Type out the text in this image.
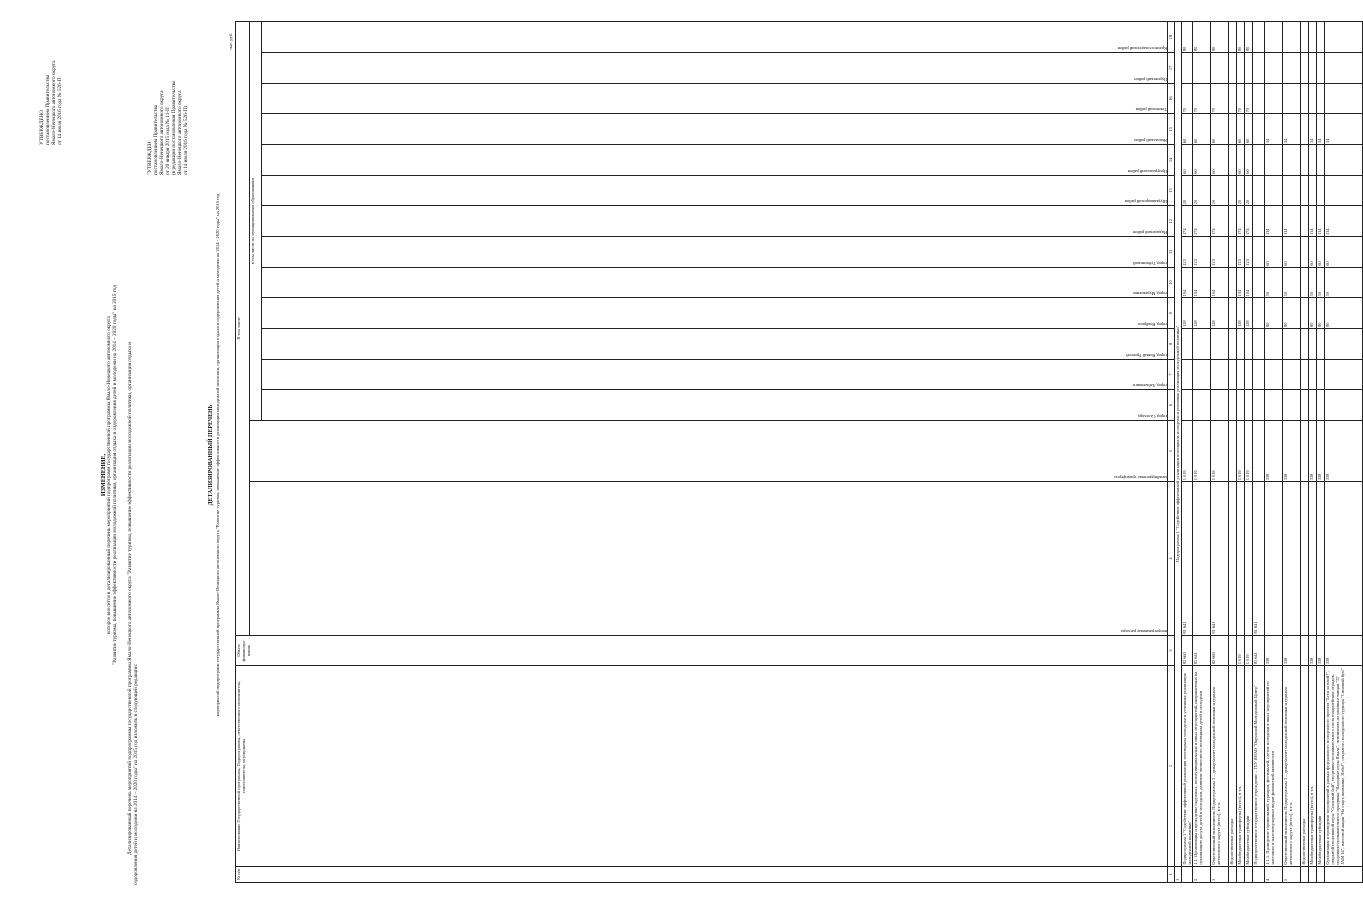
УТВЕРЖДЕНО постановлением Правительства Ямало-Ненецкого автономного округа от 14 июля 2016 года № 526-П
ИЗМЕНЕНИЕ, которое вносится в детализированный перечень мероприятий подпрограмм государственной программы Ямало-Ненецкого автономного округа "Развитие туризма, повышение эффективности реализации молодежной политики, организация отдыха и оздоровления детей и молодежи на 2014 – 2020 годы" на 2015 год Детализированный перечень мероприятий подпрограммы государственной программы Ямало-Ненецкого автономного округа "Развитие туризма, повышение эффективности реализации молодежной политики, организация отдыха и оздоровления детей и молодежи на 2014 – 2020 годы" на 2015 год изложить в следующей редакции:
"УТВЕРЖДЕН постановлением Правительства Ямало-Ненецкого автономного округа от 20 января 2015 года № 11-П (в редакции постановления Правительства Ямало-Ненецкого автономного округа от 14 июля 2016 года № 526-П)
ДЕТАЛИЗИРОВАННЫЙ ПЕРЕЧЕНЬ мероприятий подпрограмм государственной программы Ямало-Ненецкого автономного округа "Развитие туризма, повышение эффективности реализации молодежной политики, организация отдыха и оздоровления детей и молодежи на 2014 - 2020 годы" на 2015 год
тыс. руб.
№ п/п	Наименование Государственной программы, Подпрограммы, ответственного исполнителя, соисполнителя, мероприятия	Объем финансиро-вания	В том числе														

			непрограммные расходы	межбюджетные трансферты	в том числе по муниципальным образованиям												

					город Салехард	город Лабытнанги	город Новый Уренгой	город Ноябрьск	город Муравленко	город Губкинский	Надымский район	Шурышкарский район	Приуральский район	Ямальский район	Тазовский район	Пуровский район	Красноселькупский район

1	2	3	4	5	6	7	8	9	10	11	12	13	14	15	16	17	18
1	Подпрограмма 1 "Содействие эффективной реализации потенциала молодежи и успешная реализация молодежной политики"																
	Подпрограмма 1 "Содействие эффективной реализации потенциала молодежи и успешная реализация молодежной политики"	82 660	81 641	1 019				128	104	123	174	20	60	60	70		80
2	1.1. Организация и проведение окружных, межмуниципальных и иных мероприятий, направленных на организацию досуга детей и молодежи, развитие личностного потенциала детей и молодежи	81 641		1 019				128	104	123	174	20	60	60	70		80
3	Ответственный исполнитель Подпрограммы 1 – департамент молодежной политики и туризма автономного округа (всего), в т.ч.	82 660	81 641	1 019				128	104	123	174	20	60	60	70		80
	Ведомственные расходы																
	Межбюджетные трансферты (всего), в т.ч.	1 019		1 019				128	104	123	174	20	60	60	70		80
	Межбюджетные субсидии	1 019		1 019				128	104	123	174	20	60	60	70		80
	Подведомственное государственное учреждение – ГБУ ЯНАО "Окружной Молодежный Центр"	81 641	81 641														
4	1.1.1. Проведение соревнований, турниров, фестивалей, слетов молодежи в иных мероприятий по массовым и малопопулярным видам физической активности	338		338				80	50	60	114			34			
5	Ответственный исполнитель Подпрограммы 1 – департамент молодежной политики и туризма автономного округа (всего), в т.ч.	338		338				80	50	60	114			34			
	Ведомственные расходы																
	Межбюджетные трансферты (всего), в т.ч.	338		338				80	50	60	114			34			
	Межбюджетные субсидии	338		338				80	50	60	114			34			
	Организация и проведение мероприятий в рамках федерального молодежного проекта "Беги за мной!", открытой спортивной игры "Снежный бой", спортивно-познавательного слета юнармейских отрядов, спортивно-познавательного праздника "Народные игры Ямала", чемпионата по уличным танцам "IT JAM 14", массовой акции "На старт, внимание, Небо!", открытого молодежного турнира "Снежный бум"	338		338				80	50	60	114			34			
